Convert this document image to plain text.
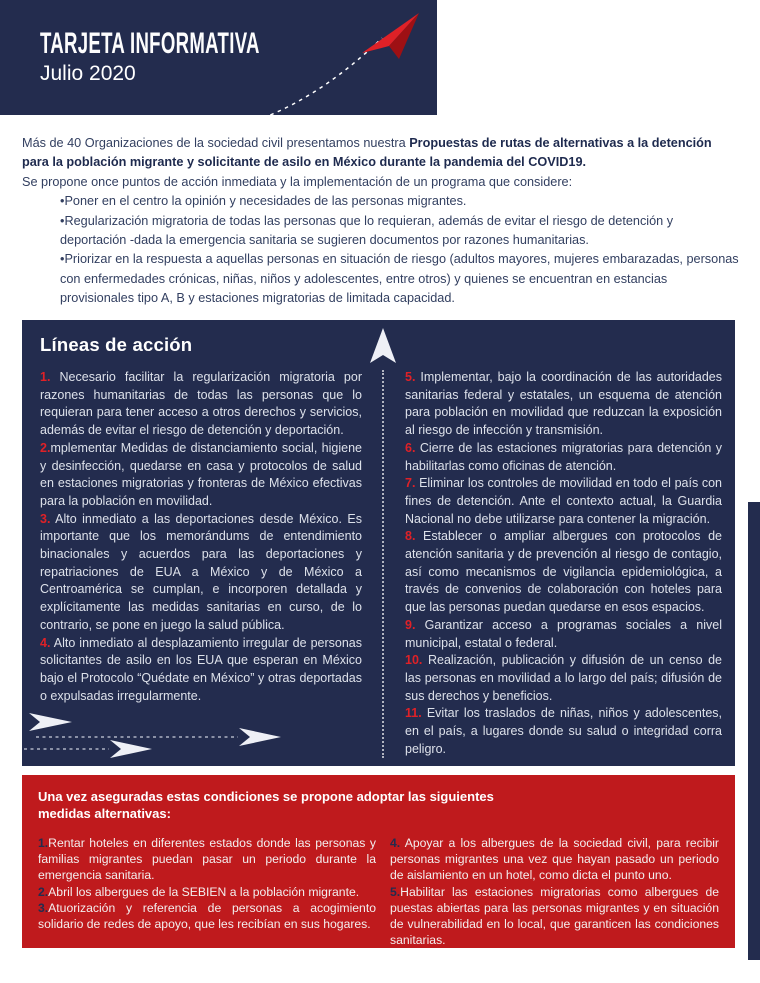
TARJETA INFORMATIVA
Julio 2020

Más de 40 Organizaciones de la sociedad civil presentamos nuestra Propuestas de rutas de alternativas a la detención para la población migrante y solicitante de asilo en México durante la pandemia del COVID19.

Se propone once puntos de acción inmediata y la implementación de un programa que considere:

•Poner en el centro la opinión y necesidades de las personas migrantes.

•Regularización migratoria de todas las personas que lo requieran, además de evitar el riesgo de detención y deportación -dada la emergencia sanitaria se sugieren documentos por razones humanitarias.

•Priorizar en la respuesta a aquellas personas en situación de riesgo (adultos mayores, mujeres embarazadas, personas con enfermedades crónicas, niñas, niños y adolescentes, entre otros) y quienes se encuentran en estancias provisionales tipo A, B y estaciones migratorias de limitada capacidad.

Líneas de acción

1. Necesario facilitar la regularización migratoria por razones humanitarias de todas las personas que lo requieran para tener acceso a otros derechos y servicios, además de evitar el riesgo de detención y deportación.

2.mplementar Medidas de distanciamiento social, higiene y desinfección, quedarse en casa y protocolos de salud en estaciones migratorias y fronteras de México efectivas para la población en movilidad.

3. Alto inmediato a las deportaciones desde México. Es importante que los memorándums de entendimiento binacionales y acuerdos para las deportaciones y repatriaciones de EUA a México y de México a Centroamérica se cumplan, e incorporen detallada y explícitamente las medidas sanitarias en curso, de lo contrario, se pone en juego la salud pública.

4. Alto inmediato al desplazamiento irregular de personas solicitantes de asilo en los EUA que esperan en México bajo el Protocolo “Quédate en México” y otras deportadas o expulsadas irregularmente.

5. Implementar, bajo la coordinación de las autoridades sanitarias federal y estatales, un esquema de atención para población en movilidad que reduzcan la exposición al riesgo de infección y transmisión.

6. Cierre de las estaciones migratorias para detención y habilitarlas como oficinas de atención.

7. Eliminar los controles de movilidad en todo el país con fines de detención. Ante el contexto actual, la Guardia Nacional no debe utilizarse para contener la migración.

8. Establecer o ampliar albergues con protocolos de atención sanitaria y de prevención al riesgo de contagio, así como mecanismos de vigilancia epidemiológica, a través de convenios de colaboración con hoteles para que las personas puedan quedarse en esos espacios.

9. Garantizar acceso a programas sociales a nivel municipal, estatal o federal.

10. Realización, publicación y difusión de un censo de las personas en movilidad a lo largo del país; difusión de sus derechos y beneficios.

11. Evitar los traslados de niñas, niños y adolescentes, en el país, a lugares donde su salud o integridad corra peligro.

Una vez aseguradas estas condiciones se propone adoptar las siguientes medidas alternativas:

1.Rentar hoteles en diferentes estados donde las personas y familias migrantes puedan pasar un periodo durante la emergencia sanitaria.

2.Abril los albergues de la SEBIEN a la población migrante.

3.Atuorización y referencia de personas a acogimiento solidario de redes de apoyo, que les recibían en sus hogares.

4. Apoyar a los albergues de la sociedad civil, para recibir personas migrantes una vez que hayan pasado un periodo de aislamiento en un hotel, como dicta el punto uno.

5.Habilitar las estaciones migratorias como albergues de puestas abiertas para las personas migrantes y en situación de vulnerabilidad en lo local, que garanticen las condiciones sanitarias.
